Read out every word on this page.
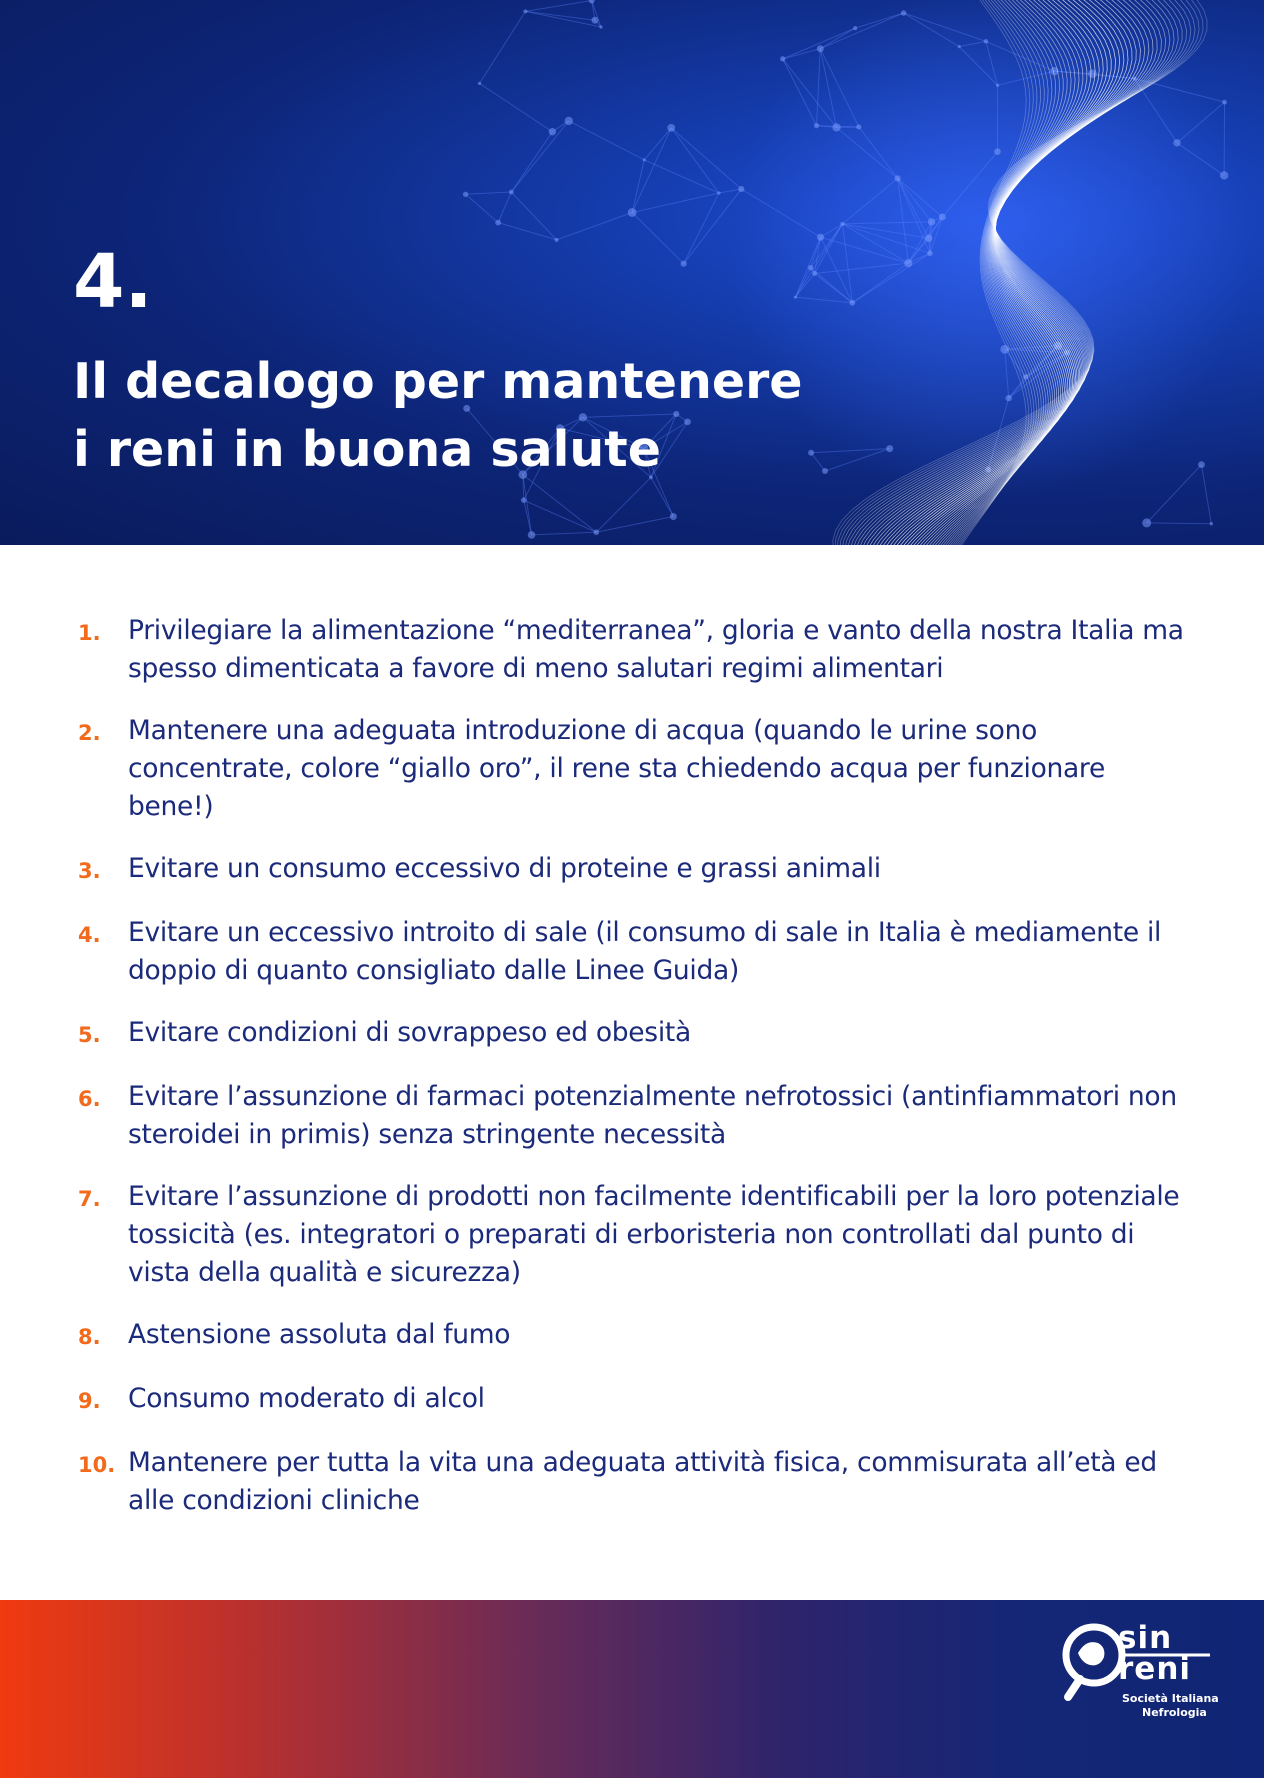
4.
Il decalogo per mantenere
i reni in buona salute
1.	Privilegiare la alimentazione “mediterranea”, gloria e vanto della nostra Italia ma spesso dimenticata a favore di meno salutari regimi alimentari
2.	Mantenere una adeguata introduzione di acqua (quando le urine sono concentrate, colore “giallo oro”, il rene sta chiedendo acqua per funzionare bene!)
3.	Evitare un consumo eccessivo di proteine e grassi animali
4.	Evitare un eccessivo introito di sale (il consumo di sale in Italia è mediamente il doppio di quanto consigliato dalle Linee Guida)
5.	Evitare condizioni di sovrappeso ed obesità
6.	Evitare l’assunzione di farmaci potenzialmente nefrotossici (antinfiammatori non steroidei in primis) senza stringente necessità
7.	Evitare l’assunzione di prodotti non facilmente identificabili per la loro potenziale tossicità (es. integratori o preparati di erboristeria non controllati dal punto di vista della qualità e sicurezza)
8.	Astensione assoluta dal fumo
9.	Consumo moderato di alcol
10. Mantenere per tutta la vita una adeguata attività fisica, commisurata all’età ed alle condizioni cliniche
sin
reni
Società Italiana
Nefrologia
